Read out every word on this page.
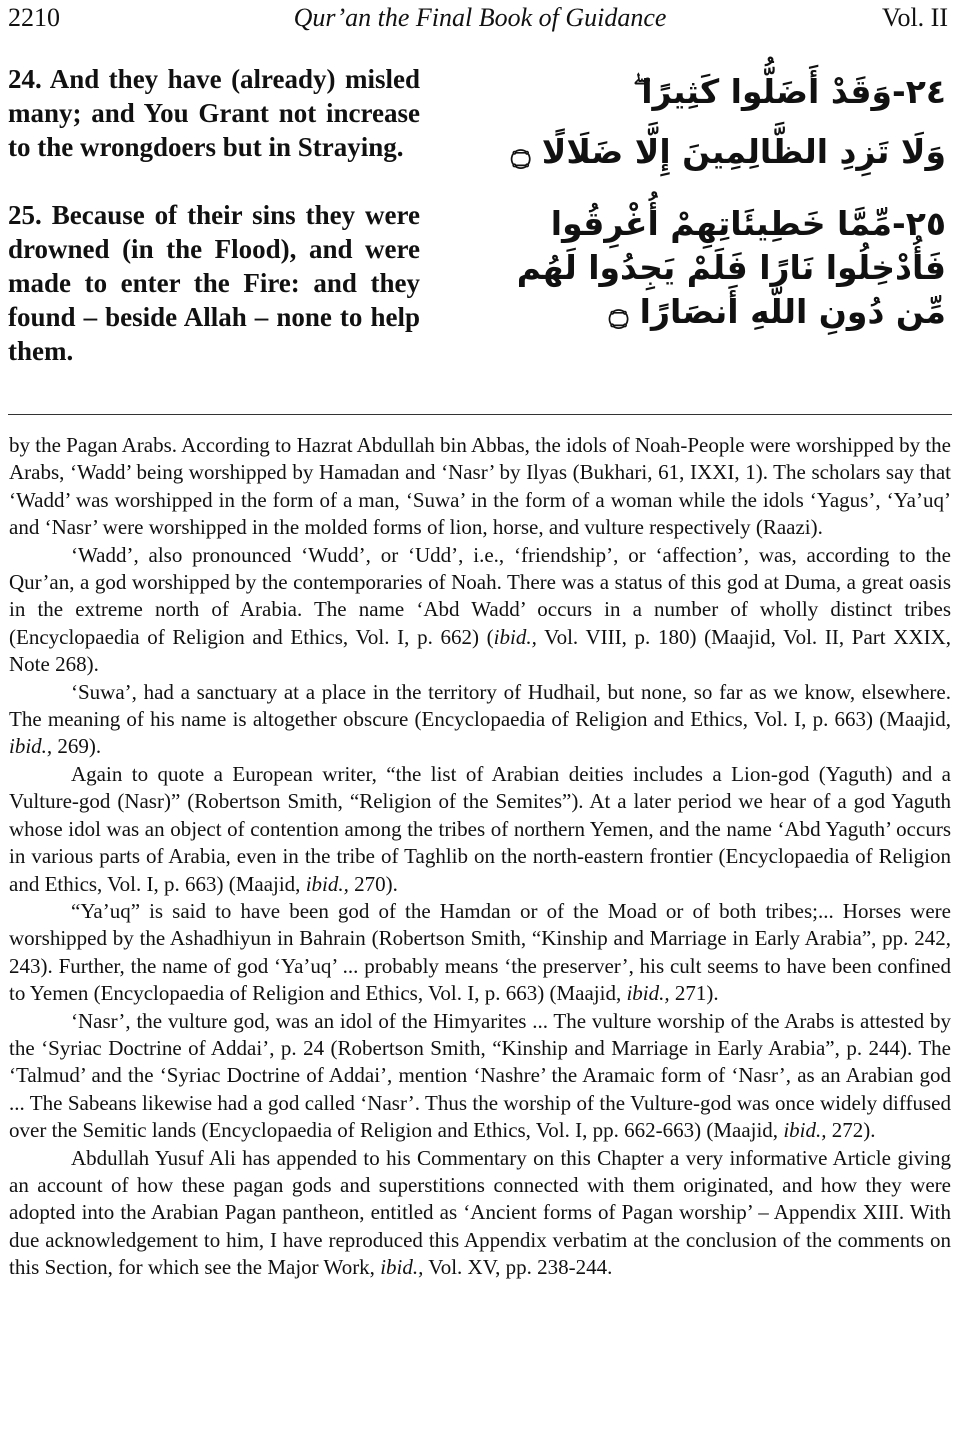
2210	Qur’an the Final Book of Guidance	Vol. II
24. And they have (already) misled many; and You Grant not increase to the wrongdoers but in Straying.
٢٤-وَقَدْ أَضَلُّوا كَثِيرًا ۖ
وَلَا تَزِدِ الظَّالِمِينَ إِلَّا ضَلَالًا ۝
25. Because of their sins they were drowned (in the Flood), and were made to enter the Fire: and they found – beside Allah – none to help them.
٢٥-مِّمَّا خَطِيئَاتِهِمْ أُغْرِقُوا
فَأُدْخِلُوا نَارًا فَلَمْ يَجِدُوا لَهُم
مِّن دُونِ اللَّهِ أَنصَارًا ۝

by the Pagan Arabs. According to Hazrat Abdullah bin Abbas, the idols of Noah-People were worshipped by the Arabs, ‘Wadd’ being worshipped by Hamadan and ‘Nasr’ by Ilyas (Bukhari, 61, IXXI, 1). The scholars say that ‘Wadd’ was worshipped in the form of a man, ‘Suwa’ in the form of a woman while the idols ‘Yagus’, ‘Ya’uq’ and ‘Nasr’ were worshipped in the molded forms of lion, horse, and vulture respectively (Raazi).

‘Wadd’, also pronounced ‘Wudd’, or ‘Udd’, i.e., ‘friendship’, or ‘affection’, was, according to the Qur’an, a god worshipped by the contemporaries of Noah. There was a status of this god at Duma, a great oasis in the extreme north of Arabia. The name ‘Abd Wadd’ occurs in a number of wholly distinct tribes (Encyclopaedia of Religion and Ethics, Vol. I, p. 662) (ibid., Vol. VIII, p. 180) (Maajid, Vol. II, Part XXIX, Note 268).

‘Suwa’, had a sanctuary at a place in the territory of Hudhail, but none, so far as we know, elsewhere. The meaning of his name is altogether obscure (Encyclopaedia of Religion and Ethics, Vol. I, p. 663) (Maajid, ibid., 269).

Again to quote a European writer, “the list of Arabian deities includes a Lion-god (Yaguth) and a Vulture-god (Nasr)” (Robertson Smith, “Religion of the Semites”). At a later period we hear of a god Yaguth whose idol was an object of contention among the tribes of northern Yemen, and the name ‘Abd Yaguth’ occurs in various parts of Arabia, even in the tribe of Taghlib on the north-eastern frontier (Encyclopaedia of Religion and Ethics, Vol. I, p. 663) (Maajid, ibid., 270).

“Ya’uq” is said to have been god of the Hamdan or of the Moad or of both tribes;... Horses were worshipped by the Ashadhiyun in Bahrain (Robertson Smith, “Kinship and Marriage in Early Arabia”, pp. 242, 243). Further, the name of god ‘Ya’uq’ ... probably means ‘the preserver’, his cult seems to have been confined to Yemen (Encyclopaedia of Religion and Ethics, Vol. I, p. 663) (Maajid, ibid., 271).

‘Nasr’, the vulture god, was an idol of the Himyarites ... The vulture worship of the Arabs is attested by the ‘Syriac Doctrine of Addai’, p. 24 (Robertson Smith, “Kinship and Marriage in Early Arabia”, p. 244). The ‘Talmud’ and the ‘Syriac Doctrine of Addai’, mention ‘Nashre’ the Aramaic form of ‘Nasr’, as an Arabian god ... The Sabeans likewise had a god called ‘Nasr’. Thus the worship of the Vulture-god was once widely diffused over the Semitic lands (Encyclopaedia of Religion and Ethics, Vol. I, pp. 662-663) (Maajid, ibid., 272).

Abdullah Yusuf Ali has appended to his Commentary on this Chapter a very informative Article giving an account of how these pagan gods and superstitions connected with them originated, and how they were adopted into the Arabian Pagan pantheon, entitled as ‘Ancient forms of Pagan worship’ – Appendix XIII. With due acknowledgement to him, I have reproduced this Appendix verbatim at the conclusion of the comments on this Section, for which see the Major Work, ibid., Vol. XV, pp. 238-244.
